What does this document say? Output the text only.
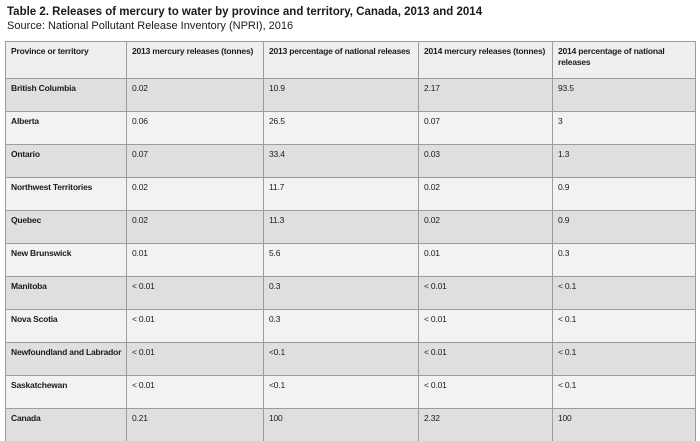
Table 2. Releases of mercury to water by province and territory, Canada, 2013 and 2014

Source: National Pollutant Release Inventory (NPRI), 2016

Province or territory	2013 mercury releases (tonnes)	2013 percentage of national releases	2014 mercury releases (tonnes)	2014 percentage of national releases
British Columbia	0.02	10.9	2.17	93.5
Alberta	0.06	26.5	0.07	3
Ontario	0.07	33.4	0.03	1.3
Northwest Territories	0.02	11.7	0.02	0.9
Quebec	0.02	11.3	0.02	0.9
New Brunswick	0.01	5.6	0.01	0.3
Manitoba	< 0.01	0.3	< 0.01	< 0.1
Nova Scotia	< 0.01	0.3	< 0.01	< 0.1
Newfoundland and Labrador	< 0.01	<0.1	< 0.01	< 0.1
Saskatchewan	< 0.01	<0.1	< 0.01	< 0.1
Canada	0.21	100	2.32	100
